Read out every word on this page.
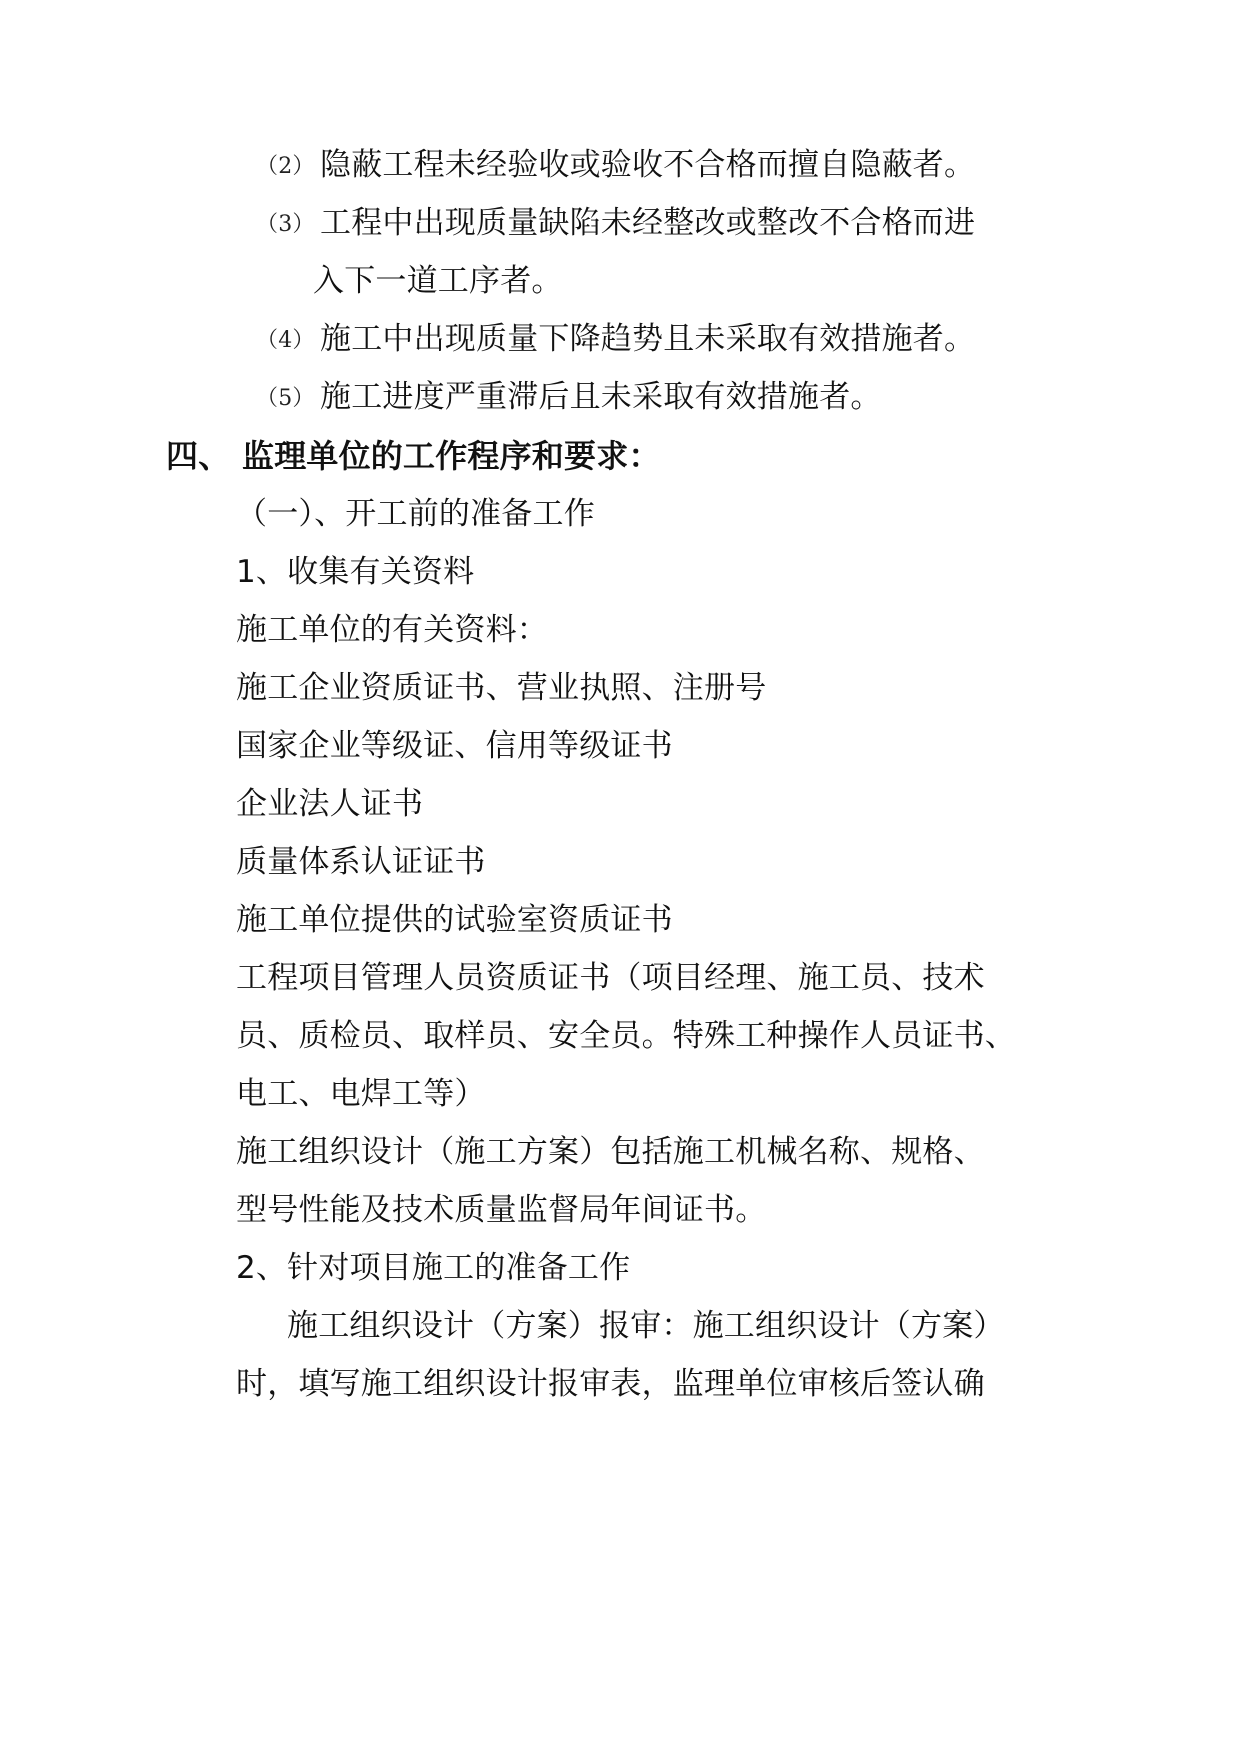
（2） 隐蔽工程未经验收或验收不合格而擅自隐蔽者。
（3） 工程中出现质量缺陷未经整改或整改不合格而进
入下一道工序者。
（4） 施工中出现质量下降趋势且未采取有效措施者。
（5） 施工进度严重滞后且未采取有效措施者。
四、 监理单位的工作程序和要求：
（一）、开工前的准备工作
1、收集有关资料
施工单位的有关资料：
施工企业资质证书、营业执照、注册号
国家企业等级证、信用等级证书
企业法人证书
质量体系认证证书
施工单位提供的试验室资质证书
工程项目管理人员资质证书（项目经理、施工员、技术
员、质检员、取样员、安全员。特殊工种操作人员证书、
电工、电焊工等）
施工组织设计（施工方案）包括施工机械名称、规格、
型号性能及技术质量监督局年间证书。
2、针对项目施工的准备工作
施工组织设计（方案）报审：施工组织设计（方案）
时，填写施工组织设计报审表，监理单位审核后签认确
